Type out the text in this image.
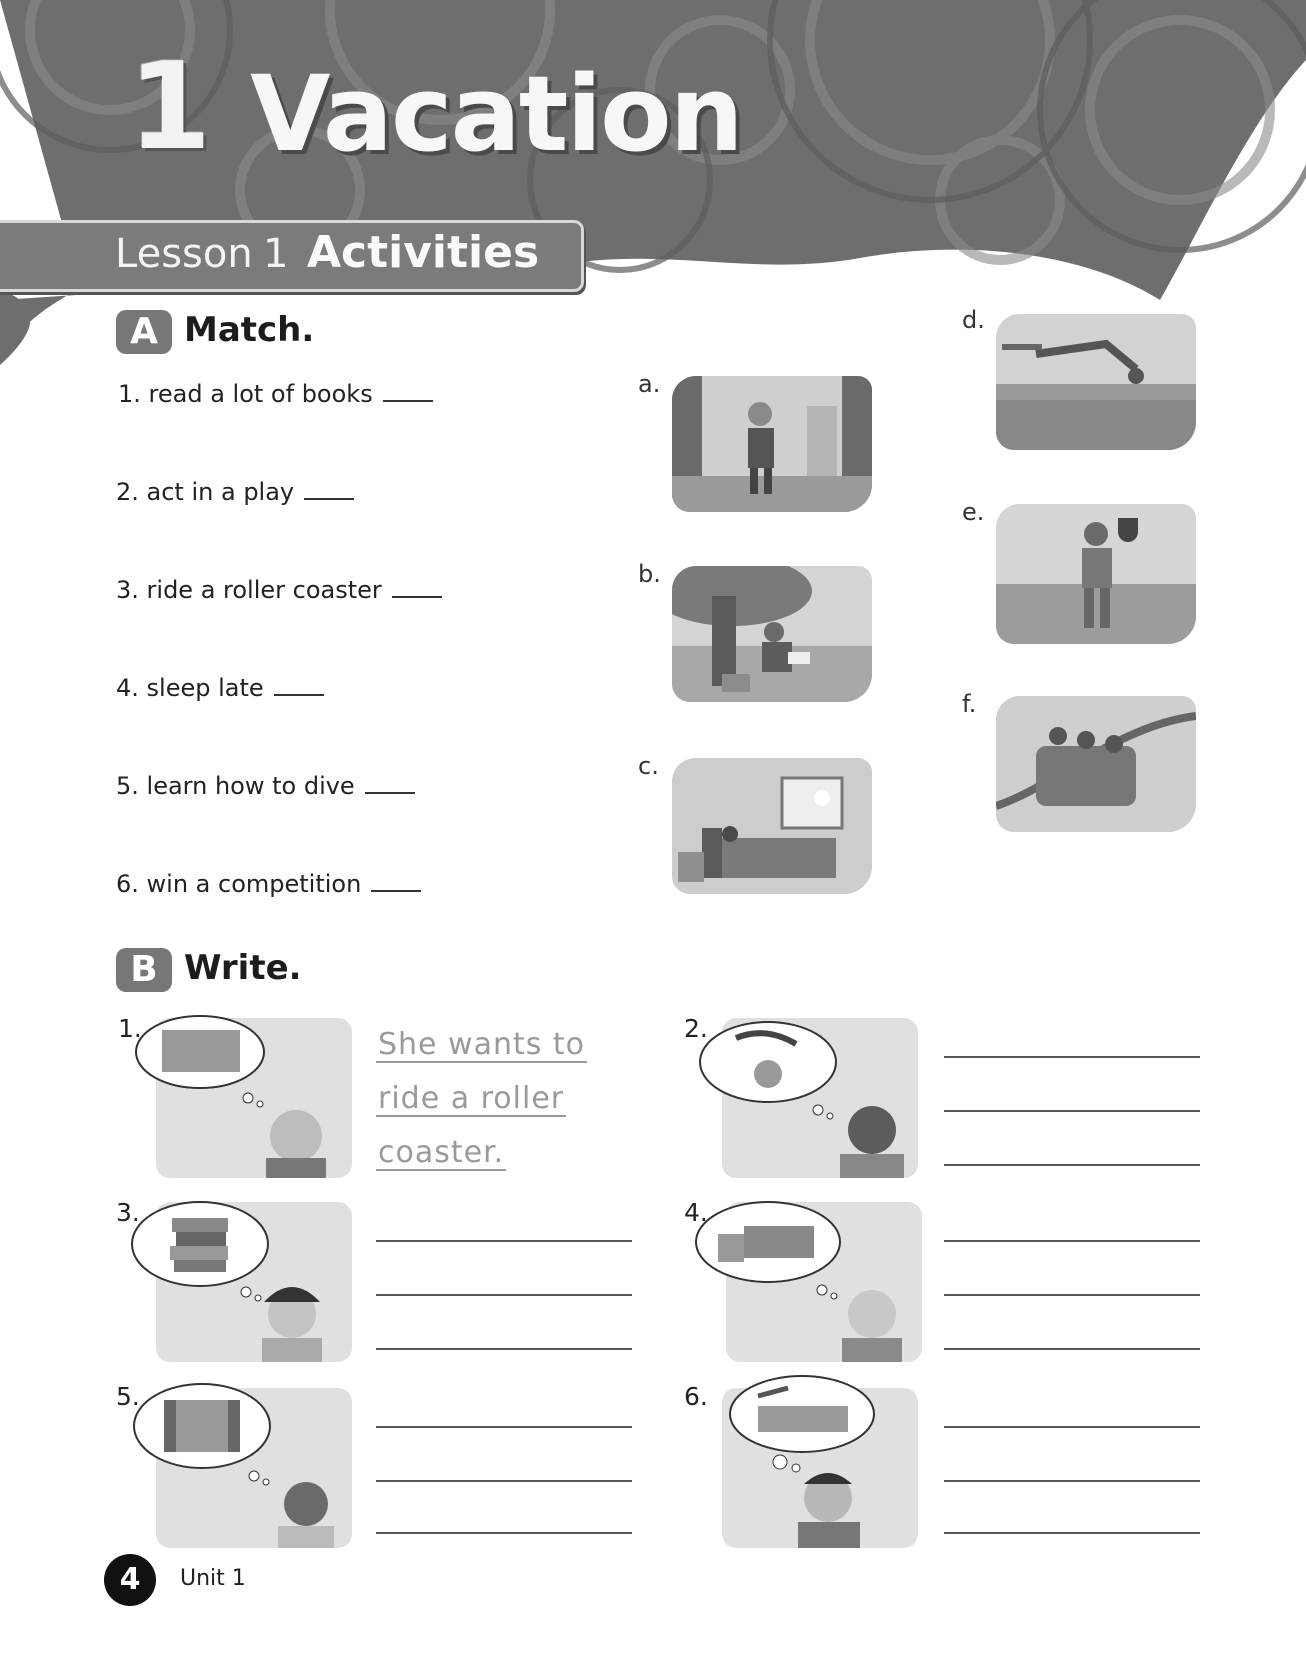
1 Vacation
Lesson 1 Activities
A Match.
1. read a lot of books
2. act in a play
3. ride a roller coaster
4. sleep late
5. learn how to dive
6. win a competition
a.
b.
c.
d.
e.
f.
B Write.
1.	She wants to
ride a roller
coaster.
2.
3.	4.
5.	6.
4	Unit 1
